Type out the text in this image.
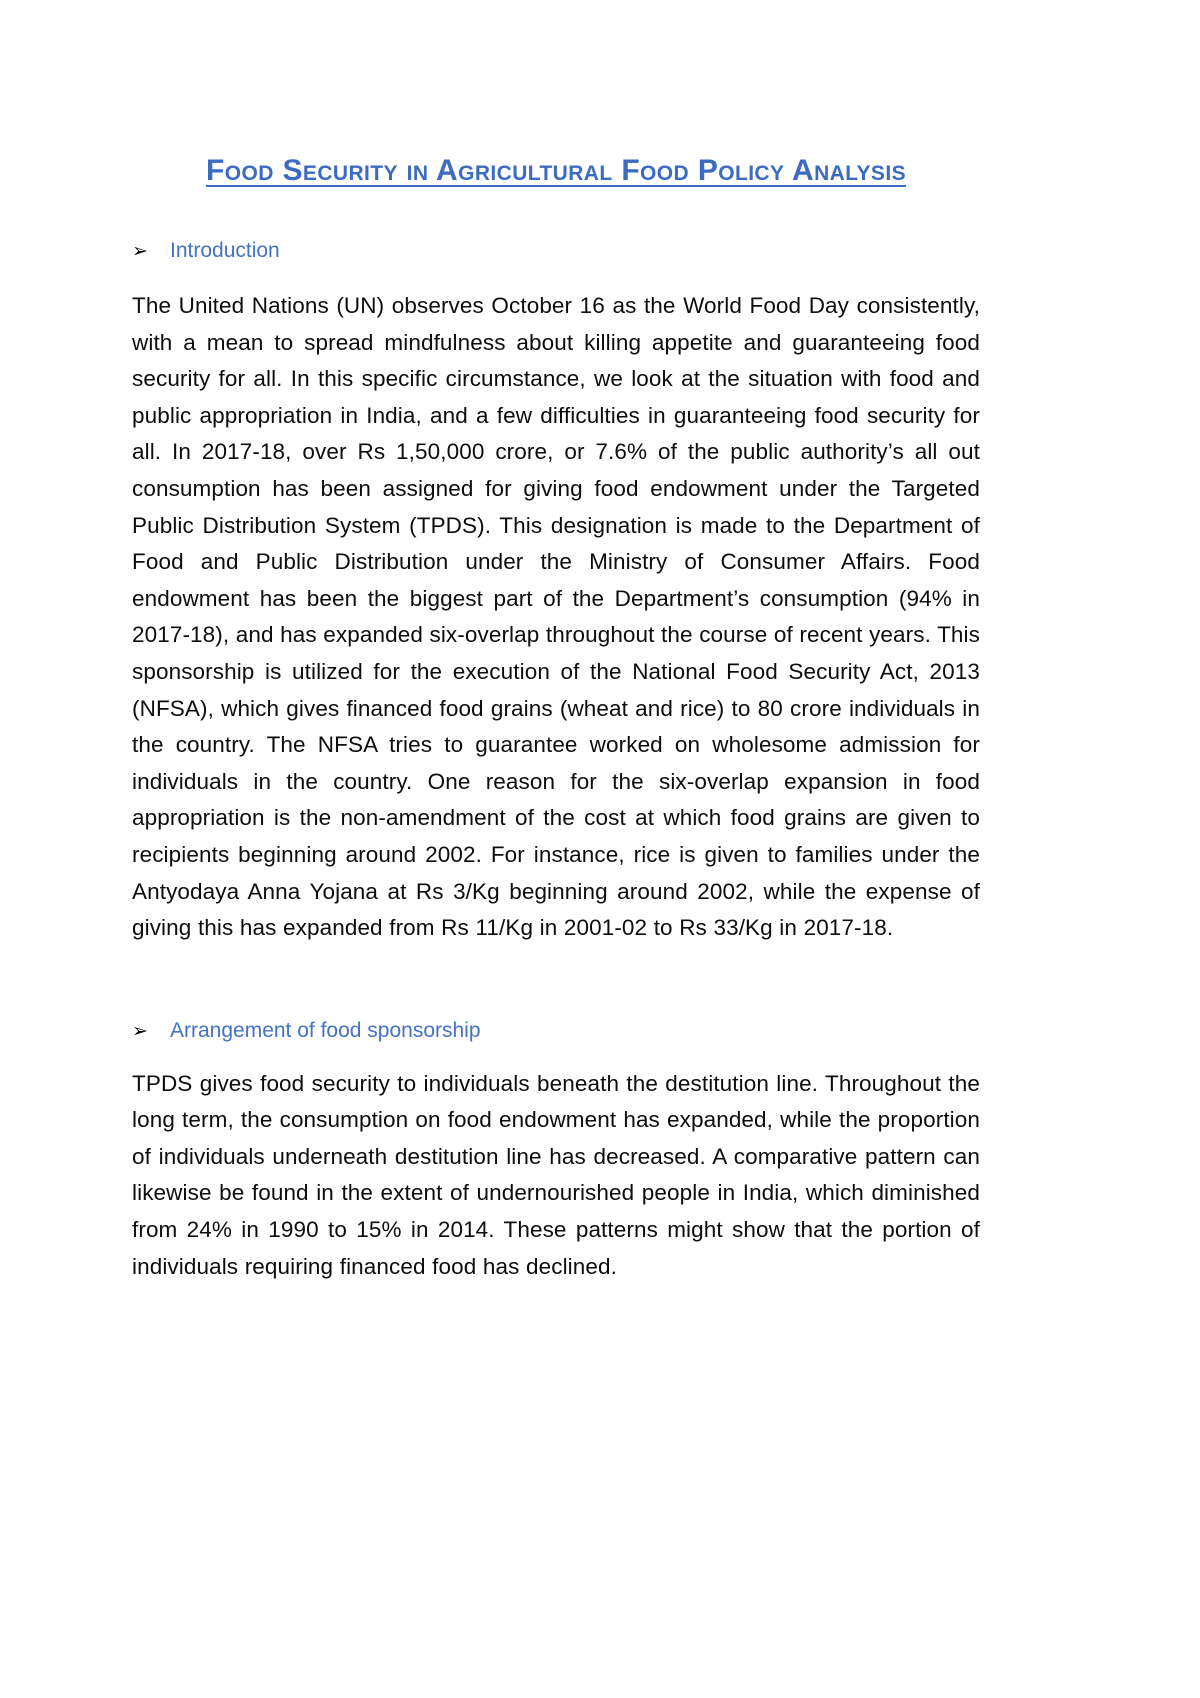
Food Security in Agricultural Food Policy Analysis
➢	Introduction

The United Nations (UN) observes October 16 as the World Food Day consistently, with a mean to spread mindfulness about killing appetite and guaranteeing food security for all. In this specific circumstance, we look at the situation with food and public appropriation in India, and a few difficulties in guaranteeing food security for all. In 2017-18, over Rs 1,50,000 crore, or 7.6% of the public authority’s all out consumption has been assigned for giving food endowment under the Targeted Public Distribution System (TPDS). This designation is made to the Department of Food and Public Distribution under the Ministry of Consumer Affairs. Food endowment has been the biggest part of the Department’s consumption (94% in 2017-18), and has expanded six-overlap throughout the course of recent years. This sponsorship is utilized for the execution of the National Food Security Act, 2013 (NFSA), which gives financed food grains (wheat and rice) to 80 crore individuals in the country. The NFSA tries to guarantee worked on wholesome admission for individuals in the country. One reason for the six-overlap expansion in food appropriation is the non-amendment of the cost at which food grains are given to recipients beginning around 2002. For instance, rice is given to families under the Antyodaya Anna Yojana at Rs 3/Kg beginning around 2002, while the expense of giving this has expanded from Rs 11/Kg in 2001-02 to Rs 33/Kg in 2017-18.

➢	Arrangement of food sponsorship

TPDS gives food security to individuals beneath the destitution line. Throughout the long term, the consumption on food endowment has expanded, while the proportion of individuals underneath destitution line has decreased. A comparative pattern can likewise be found in the extent of undernourished people in India, which diminished from 24% in 1990 to 15% in 2014. These patterns might show that the portion of individuals requiring financed food has declined.
